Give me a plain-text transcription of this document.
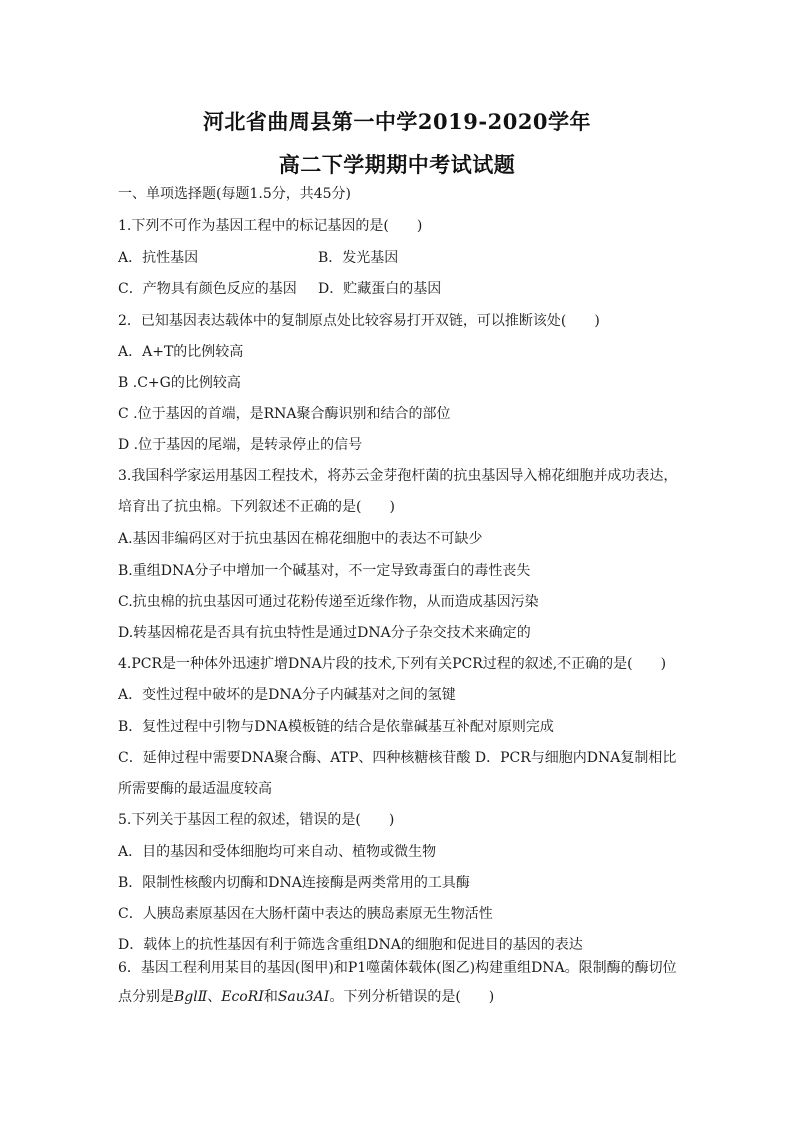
河北省曲周县第一中学2019-2020学年
高二下学期期中考试试题
一、单项选择题(每题1.5分，共45分)
1.下列不可作为基因工程中的标记基因的是(　　)
A．抗性基因	B．发光基因
C．产物具有颜色反应的基因 D．贮藏蛋白的基因
2．已知基因表达载体中的复制原点处比较容易打开双链，可以推断该处(　　)
A．A+T的比例较高
B .C+G的比例较高
C .位于基因的首端，是RNA聚合酶识别和结合的部位
D .位于基因的尾端，是转录停止的信号
3.我国科学家运用基因工程技术，将苏云金芽孢杆菌的抗虫基因导入棉花细胞并成功表达，
培育出了抗虫棉。下列叙述不正确的是(　　)
A.基因非编码区对于抗虫基因在棉花细胞中的表达不可缺少
B.重组DNA分子中增加一个碱基对，不一定导致毒蛋白的毒性丧失
C.抗虫棉的抗虫基因可通过花粉传递至近缘作物，从而造成基因污染
D.转基因棉花是否具有抗虫特性是通过DNA分子杂交技术来确定的
4.PCR是一种体外迅速扩增DNA片段的技术,下列有关PCR过程的叙述,不正确的是(　　)
A．变性过程中破坏的是DNA分子内碱基对之间的氢键
B．复性过程中引物与DNA模板链的结合是依靠碱基互补配对原则完成
C．延伸过程中需要DNA聚合酶、ATP、四种核糖核苷酸 D．PCR与细胞内DNA复制相比
所需要酶的最适温度较高
5.下列关于基因工程的叙述，错误的是(　　)
A．目的基因和受体细胞均可来自动、植物或微生物
B．限制性核酸内切酶和DNA连接酶是两类常用的工具酶
C．人胰岛素原基因在大肠杆菌中表达的胰岛素原无生物活性
D．载体上的抗性基因有利于筛选含重组DNA的细胞和促进目的基因的表达
6．基因工程利用某目的基因(图甲)和P1噬菌体载体(图乙)构建重组DNA。限制酶的酶切位
点分别是BglⅡ、EcoRⅠ和Sau3AⅠ。下列分析错误的是(　　)
